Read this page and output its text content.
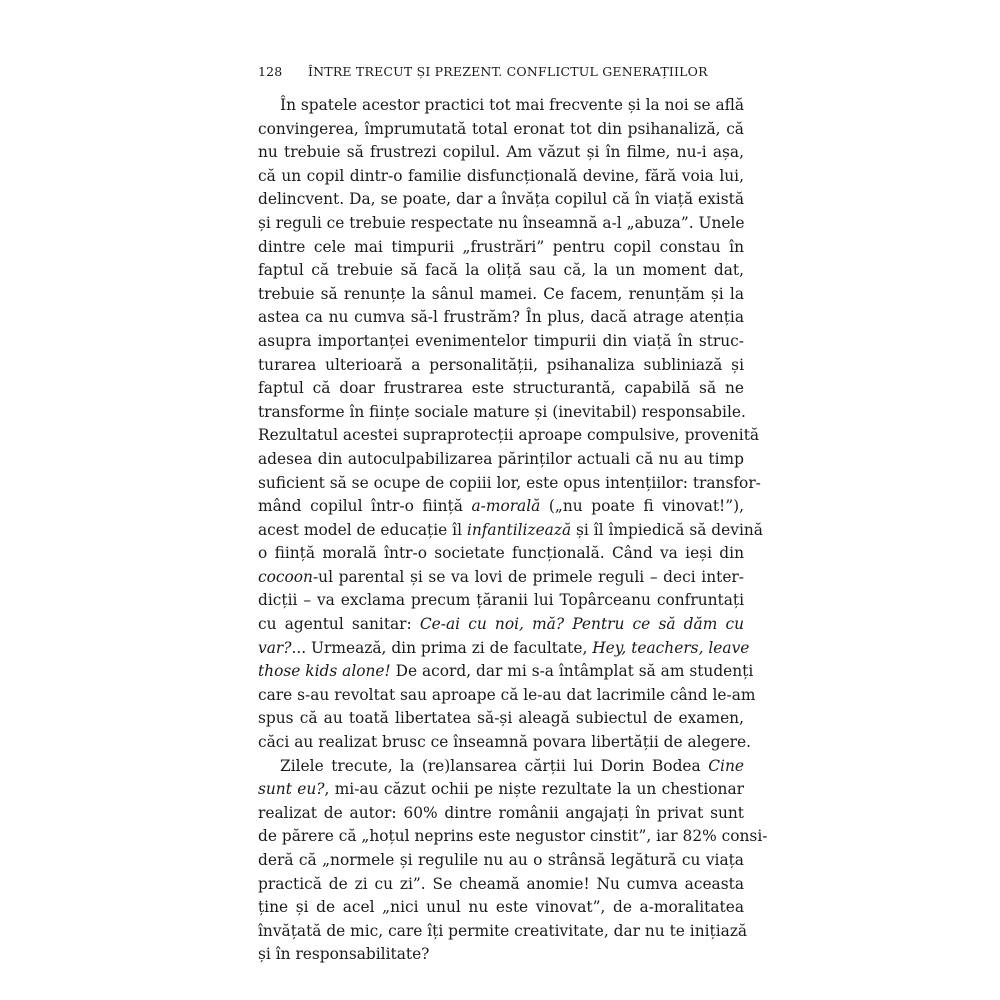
128 ÎNTRE TRECUT ȘI PREZENT. CONFLICTUL GENERAȚIILOR
În spatele acestor practici tot mai frecvente și la noi se află
convingerea, împrumutată total eronat tot din psihanaliză, că
nu trebuie să frustrezi copilul. Am văzut și în filme, nu-i așa,
că un copil dintr-o familie disfuncțională devine, fără voia lui,
delincvent. Da, se poate, dar a învăța copilul că în viață există
și reguli ce trebuie respectate nu înseamnă a-l „abuza”. Unele
dintre cele mai timpurii „frustrări” pentru copil constau în
faptul că trebuie să facă la oliță sau că, la un moment dat,
trebuie să renunțe la sânul mamei. Ce facem, renunțăm și la
astea ca nu cumva să-l frustrăm? În plus, dacă atrage atenția
asupra importanței evenimentelor timpurii din viață în struc-
turarea ulterioară a personalității, psihanaliza subliniază și
faptul că doar frustrarea este structurantă, capabilă să ne
transforme în ființe sociale mature și (inevitabil) responsabile.
Rezultatul acestei supraprotecții aproape compulsive, provenită
adesea din autoculpabilizarea părinților actuali că nu au timp
suficient să se ocupe de copiii lor, este opus intențiilor: transfor-
mând copilul într-o ființă a-morală („nu poate fi vinovat!”),
acest model de educație îl infantilizează și îl împiedică să devină
o ființă morală într-o societate funcțională. Când va ieși din
cocoon-ul parental și se va lovi de primele reguli – deci inter-
dicții – va exclama precum țăranii lui Topârceanu confruntați
cu agentul sanitar: Ce-ai cu noi, mă? Pentru ce să dăm cu
var?... Urmează, din prima zi de facultate, Hey, teachers, leave
those kids alone! De acord, dar mi s-a întâmplat să am studenți
care s-au revoltat sau aproape că le-au dat lacrimile când le-am
spus că au toată libertatea să-și aleagă subiectul de examen,
căci au realizat brusc ce înseamnă povara libertății de alegere.
Zilele trecute, la (re)lansarea cărții lui Dorin Bodea Cine
sunt eu?, mi-au căzut ochii pe niște rezultate la un chestionar
realizat de autor: 60% dintre românii angajați în privat sunt
de părere că „hoțul neprins este negustor cinstit”, iar 82% consi-
deră că „normele și regulile nu au o strânsă legătură cu viața
practică de zi cu zi”. Se cheamă anomie! Nu cumva aceasta
ține și de acel „nici unul nu este vinovat”, de a-moralitatea
învățată de mic, care îți permite creativitate, dar nu te inițiază
și în responsabilitate?
